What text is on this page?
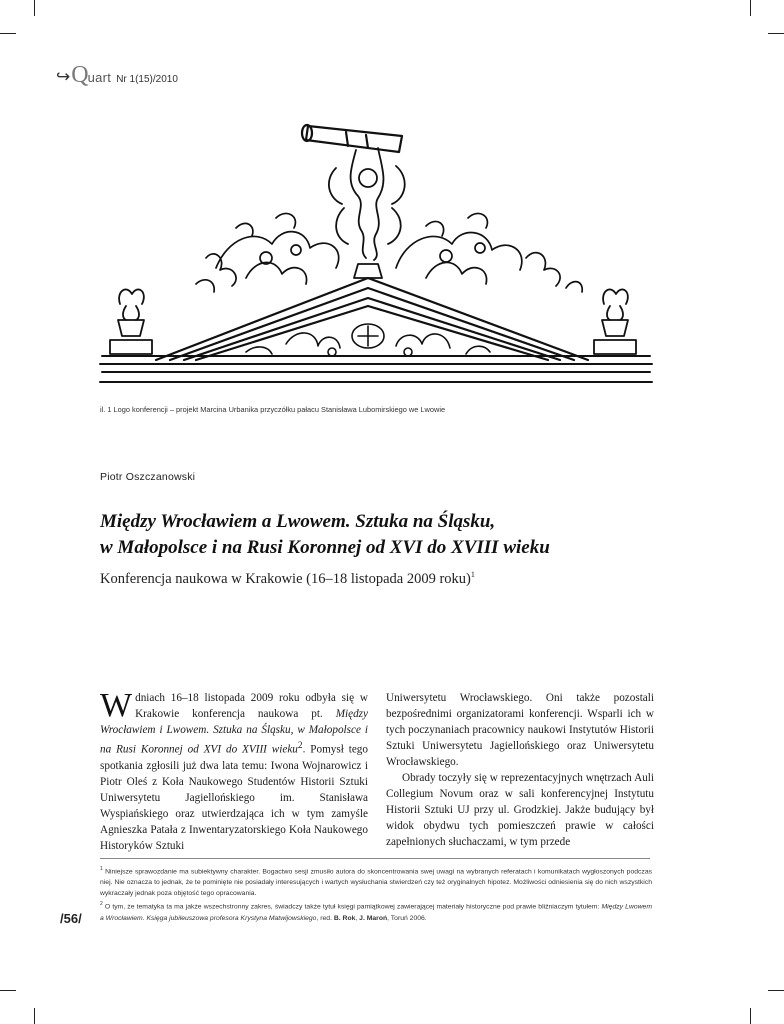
↪ Q uart Nr 1(15)/2010
il. 1 Logo konferencji – projekt Marcina Urbanika przyczółku pałacu Stanisława Lubomirskiego we Lwowie
Piotr Oszczanowski
Między Wrocławiem a Lwowem. Sztuka na Śląsku,
w Małopolsce i na Rusi Koronnej od XVI do XVIII wieku
Konferencja naukowa w Krakowie (16–18 listopada 2009 roku)$^1$

Wdniach 16–18 listopada 2009 roku odbyła się w Krakowie konferencja naukowa pt. Między Wrocławiem i Lwowem. Sztuka na Śląsku, w Małopolsce i na Rusi Koronnej od XVI do XVIII wieku$^2$. Pomysł tego spotkania zgłosili już dwa lata temu: Iwona Wojnarowicz i Piotr Oleś z Koła Naukowego Studentów Historii Sztuki Uniwersytetu Jagiellońskiego im. Stanisława Wyspiańskiego oraz utwierdzająca ich w tym zamyśle Agnieszka Patała z Inwentaryzatorskiego Koła Naukowego Historyków Sztuki

Uniwersytetu Wrocławskiego. Oni także pozostali bezpośrednimi organizatorami konferencji. Wsparli ich w tych poczynaniach pracownicy naukowi Instytutów Historii Sztuki Uniwersytetu Jagiellońskiego oraz Uniwersytetu Wrocławskiego.

Obrady toczyły się w reprezentacyjnych wnętrzach Auli Collegium Novum oraz w sali konferencyjnej Instytutu Historii Sztuki UJ przy ul. Grodzkiej. Jakże budujący był widok obydwu tych pomieszczeń prawie w całości zapełnionych słuchaczami, w tym przede

$^1$ Niniejsze sprawozdanie ma subiektywny charakter. Bogactwo sesji zmusiło autora do skoncentrowania swej uwagi na wybranych referatach i komunikatach wygłoszonych podczas niej. Nie oznacza to jednak, że te pominięte nie posiadały interesujących i wartych wysłuchania stwierdzeń czy też oryginalnych hipotez. Możliwości odniesienia się do nich wszystkich wykraczały jednak poza objętość tego opracowania.

$^2$ O tym, że tematyka ta ma jakże wszechstronny zakres, świadczy także tytuł księgi pamiątkowej zawierającej materiały historyczne pod prawie bliźniaczym tytułem: Między Lwowem a Wrocławiem. Księga jubileuszowa profesora Krystyna Matwijowskiego, red. B. Rok, J. Maroń, Toruń 2006.

/56/
